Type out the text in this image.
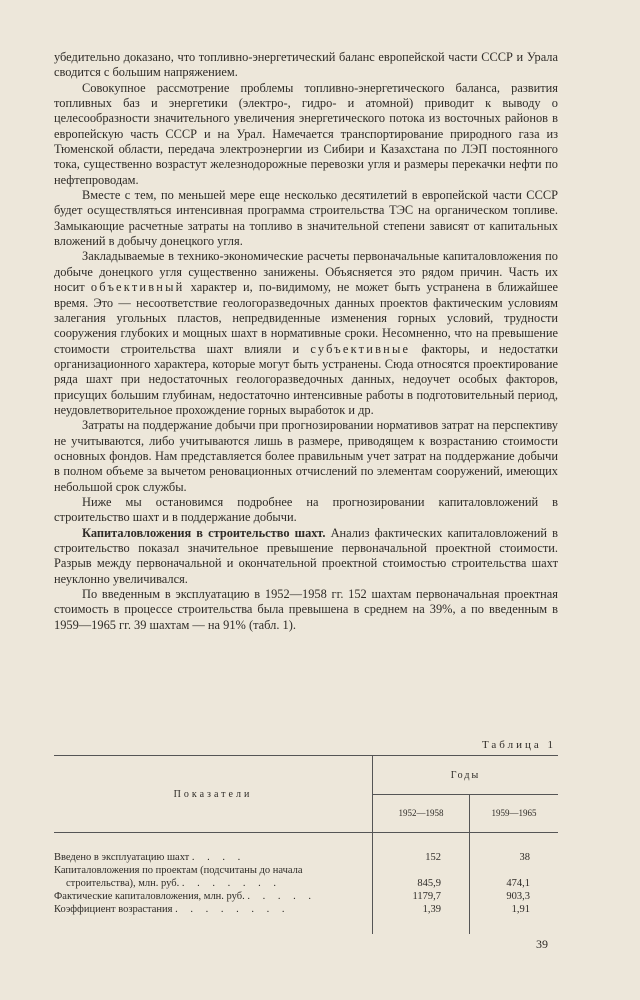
убедительно доказано, что топливно-энергетический баланс европейской части СССР и Урала сводится с большим напряжением.

Совокупное рассмотрение проблемы топливно-энергетического баланса, развития топливных баз и энергетики (электро-, гидро- и атомной) приводит к выводу о целесообразности значительного увеличения энергетического потока из восточных районов в европейскую часть СССР и на Урал. Намечается транспортирование природного газа из Тюменской области, передача электроэнергии из Сибири и Казахстана по ЛЭП постоянного тока, существенно возрастут железнодорожные перевозки угля и размеры перекачки нефти по нефтепроводам.

Вместе с тем, по меньшей мере еще несколько десятилетий в европейской части СССР будет осуществляться интенсивная программа строительства ТЭС на органическом топливе. Замыкающие расчетные затраты на топливо в значительной степени зависят от капитальных вложений в добычу донецкого угля.

Закладываемые в технико-экономические расчеты первоначальные капиталовложения по добыче донецкого угля существенно занижены. Объясняется это рядом причин. Часть их носит объективный характер и, по-видимому, не может быть устранена в ближайшее время. Это — несоответствие геологоразведочных данных проектов фактическим условиям залегания угольных пластов, непредвиденные изменения горных условий, трудности сооружения глубоких и мощных шахт в нормативные сроки. Несомненно, что на превышение стоимости строительства шахт влияли и субъективные факторы, и недостатки организационного характера, которые могут быть устранены. Сюда относятся проектирование ряда шахт при недостаточных геологоразведочных данных, недоучет особых факторов, присущих большим глубинам, недостаточно интенсивные работы в подготовительный период, неудовлетворительное прохождение горных выработок и др.

Затраты на поддержание добычи при прогнозировании нормативов затрат на перспективу не учитываются, либо учитываются лишь в размере, приводящем к возрастанию стоимости основных фондов. Нам представляется более правильным учет затрат на поддержание добычи в полном объеме за вычетом реновационных отчислений по элементам сооружений, имеющих небольшой срок службы.

Ниже мы остановимся подробнее на прогнозировании капиталовложений в строительство шахт и в поддержание добычи.

Капиталовложения в строительство шахт. Анализ фактических капиталовложений в строительство показал значительное превышение первоначальной проектной стоимости. Разрыв между первоначальной и окончательной проектной стоимостью строительства шахт неуклонно увеличивался.

По введенным в эксплуатацию в 1952—1958 гг. 152 шахтам первоначальная проектная стоимость в процессе строительства была превышена в среднем на 39%, а по введенным в 1959—1965 гг. 39 шахтам — на 91% (табл. 1).

Таблица 1
Показатели	Годы	
	1952—1958	1959—1965
Введено в эксплуатацию шахт . . . .	152	38
Капиталовложения по проектам (подсчитаны до начала
строительства), млн. руб. . . . . . . .	845,9	474,1
Фактические капиталовложения, млн. руб. . . . . .	1179,7	903,3
Коэффициент возрастания . . . . . . . .	1,39	1,91
39
